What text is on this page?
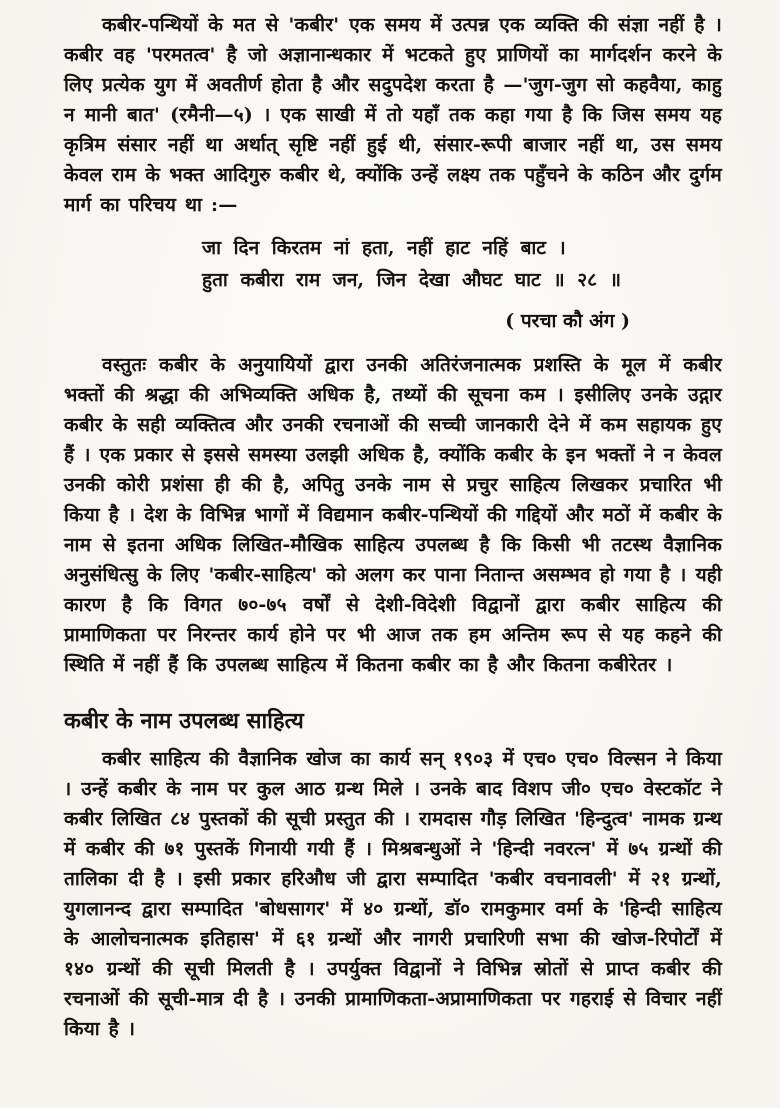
कबीर-पन्थियों के मत से 'कबीर' एक समय में उत्पन्न एक व्यक्ति की संज्ञा नहीं है । कबीर वह 'परमतत्व' है जो अज्ञानान्धकार में भटकते हुए प्राणियों का मार्गदर्शन करने के लिए प्रत्येक युग में अवतीर्ण होता है और सदुपदेश करता है —'जुग-जुग सो कहवैया, काहु न मानी बात' (रमैनी—५) । एक साखी में तो यहाँ तक कहा गया है कि जिस समय यह कृत्रिम संसार नहीं था अर्थात् सृष्टि नहीं हुई थी, संसार-रूपी बाजार नहीं था, उस समय केवल राम के भक्त आदिगुरु कबीर थे, क्योंकि उन्हें लक्ष्य तक पहुँचने के कठिन और दुर्गम मार्ग का परिचय था :—

जा दिन किरतम नां हता, नहीं हाट नहिं बाट ।
हुता कबीरा राम जन, जिन देखा औघट घाट ॥ २८ ॥
( परचा कौ अंग )

वस्तुतः कबीर के अनुयायियों द्वारा उनकी अतिरंजनात्मक प्रशस्ति के मूल में कबीर भक्तों की श्रद्धा की अभिव्यक्ति अधिक है, तथ्यों की सूचना कम । इसीलिए उनके उद्गार कबीर के सही व्यक्तित्व और उनकी रचनाओं की सच्ची जानकारी देने में कम सहायक हुए हैं । एक प्रकार से इससे समस्या उलझी अधिक है, क्योंकि कबीर के इन भक्तों ने न केवल उनकी कोरी प्रशंसा ही की है, अपितु उनके नाम से प्रचुर साहित्य लिखकर प्रचारित भी किया है । देश के विभिन्न भागों में विद्यमान कबीर-पन्थियों की गद्दियों और मठों में कबीर के नाम से इतना अधिक लिखित-मौखिक साहित्य उपलब्ध है कि किसी भी तटस्थ वैज्ञानिक अनुसंधित्सु के लिए 'कबीर-साहित्य' को अलग कर पाना नितान्त असम्भव हो गया है । यही कारण है कि विगत ७०-७५ वर्षों से देशी-विदेशी विद्वानों द्वारा कबीर साहित्य की प्रामाणिकता पर निरन्तर कार्य होने पर भी आज तक हम अन्तिम रूप से यह कहने की स्थिति में नहीं हैं कि उपलब्ध साहित्य में कितना कबीर का है और कितना कबीरेतर ।

कबीर के नाम उपलब्ध साहित्य

कबीर साहित्य की वैज्ञानिक खोज का कार्य सन् १९०३ में एच० एच० विल्सन ने किया । उन्हें कबीर के नाम पर कुल आठ ग्रन्थ मिले । उनके बाद विशप जी० एच० वेस्टकॉट ने कबीर लिखित ८४ पुस्तकों की सूची प्रस्तुत की । रामदास गौड़ लिखित 'हिन्दुत्व' नामक ग्रन्थ में कबीर की ७१ पुस्तकें गिनायी गयी हैं । मिश्रबन्धुओं ने 'हिन्दी नवरत्न' में ७५ ग्रन्थों की तालिका दी है । इसी प्रकार हरिऔध जी द्वारा सम्पादित 'कबीर वचनावली' में २१ ग्रन्थों, युगलानन्द द्वारा सम्पादित 'बोधसागर' में ४० ग्रन्थों, डॉ० रामकुमार वर्मा के 'हिन्दी साहित्य के आलोचनात्मक इतिहास' में ६१ ग्रन्थों और नागरी प्रचारिणी सभा की खोज-रिपोर्टों में १४० ग्रन्थों की सूची मिलती है । उपर्युक्त विद्वानों ने विभिन्न स्रोतों से प्राप्त कबीर की रचनाओं की सूची-मात्र दी है । उनकी प्रामाणिकता-अप्रामाणिकता पर गहराई से विचार नहीं किया है ।
